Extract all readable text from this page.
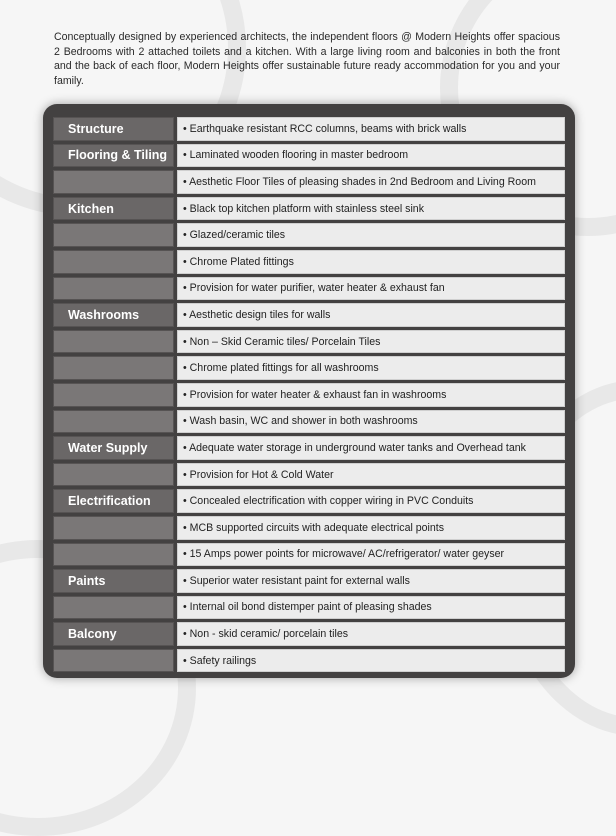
Conceptually designed by experienced architects, the independent floors @ Modern Heights offer spacious 2 Bedrooms with 2 attached toilets and a kitchen. With a large living room and balconies in both the front and the back of each floor, Modern Heights offer sustainable future ready accommodation for you and your family.

Structure	• Earthquake resistant RCC columns, beams with brick walls
Flooring & Tiling	• Laminated wooden flooring in master bedroom
• Aesthetic Floor Tiles of pleasing shades in 2nd Bedroom and Living Room
Kitchen	• Black top kitchen platform with stainless steel sink
• Glazed/ceramic tiles
• Chrome Plated fittings
• Provision for water purifier, water heater & exhaust fan
Washrooms	• Aesthetic design tiles for walls
• Non – Skid Ceramic tiles/ Porcelain Tiles
• Chrome plated fittings for all washrooms
• Provision for water heater & exhaust fan in washrooms
• Wash basin, WC and shower in both washrooms
Water Supply	• Adequate water storage in underground water tanks and Overhead tank
• Provision for Hot & Cold Water
Electrification	• Concealed electrification with copper wiring in PVC Conduits
• MCB supported circuits with adequate electrical points
• 15 Amps power points for microwave/ AC/refrigerator/ water geyser
Paints	• Superior water resistant paint for external walls
• Internal oil bond distemper paint of pleasing shades
Balcony	• Non - skid ceramic/ porcelain tiles
• Safety railings
